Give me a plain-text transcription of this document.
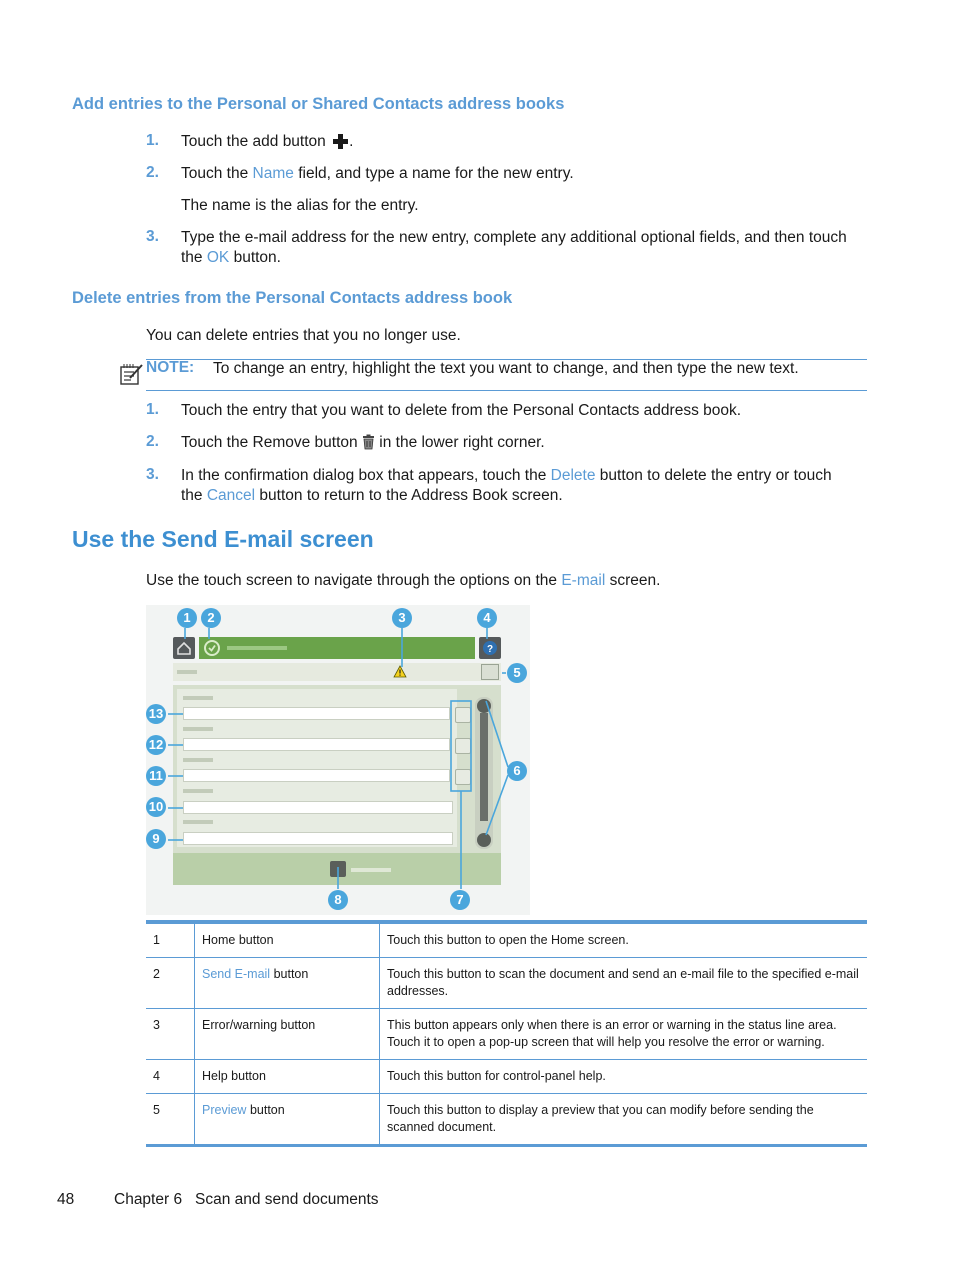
Add entries to the Personal or Shared Contacts address books
1. Touch the add button .
2. Touch the Name field, and type a name for the new entry.
The name is the alias for the entry.
3. Type the e-mail address for the new entry, complete any additional optional fields, and then touch
the OK button.
Delete entries from the Personal Contacts address book
You can delete entries that you no longer use.
NOTE: To change an entry, highlight the text you want to change, and then type the new text.
1. Touch the entry that you want to delete from the Personal Contacts address book.
2. Touch the Remove button in the lower right corner.
3. In the confirmation dialog box that appears, touch the Delete button to delete the entry or touch
the Cancel button to return to the Address Book screen.
Use the Send E-mail screen
Use the touch screen to navigate through the options on the E-mail screen.
?
1	2	3	4
5
6
7
8
9
10
11
12
13
1	Home button	Touch this button to open the Home screen.
2	Send E-mail button	Touch this button to scan the document and send an e-mail file to the specified e-mail addresses.
3	Error/warning button	This button appears only when there is an error or warning in the status line area. Touch it to open a pop-up screen that will help you resolve the error or warning.
4	Help button	Touch this button for control-panel help.
5	Preview button	Touch this button to display a preview that you can modify before sending the scanned document.
48	Chapter 6   Scan and send documents
